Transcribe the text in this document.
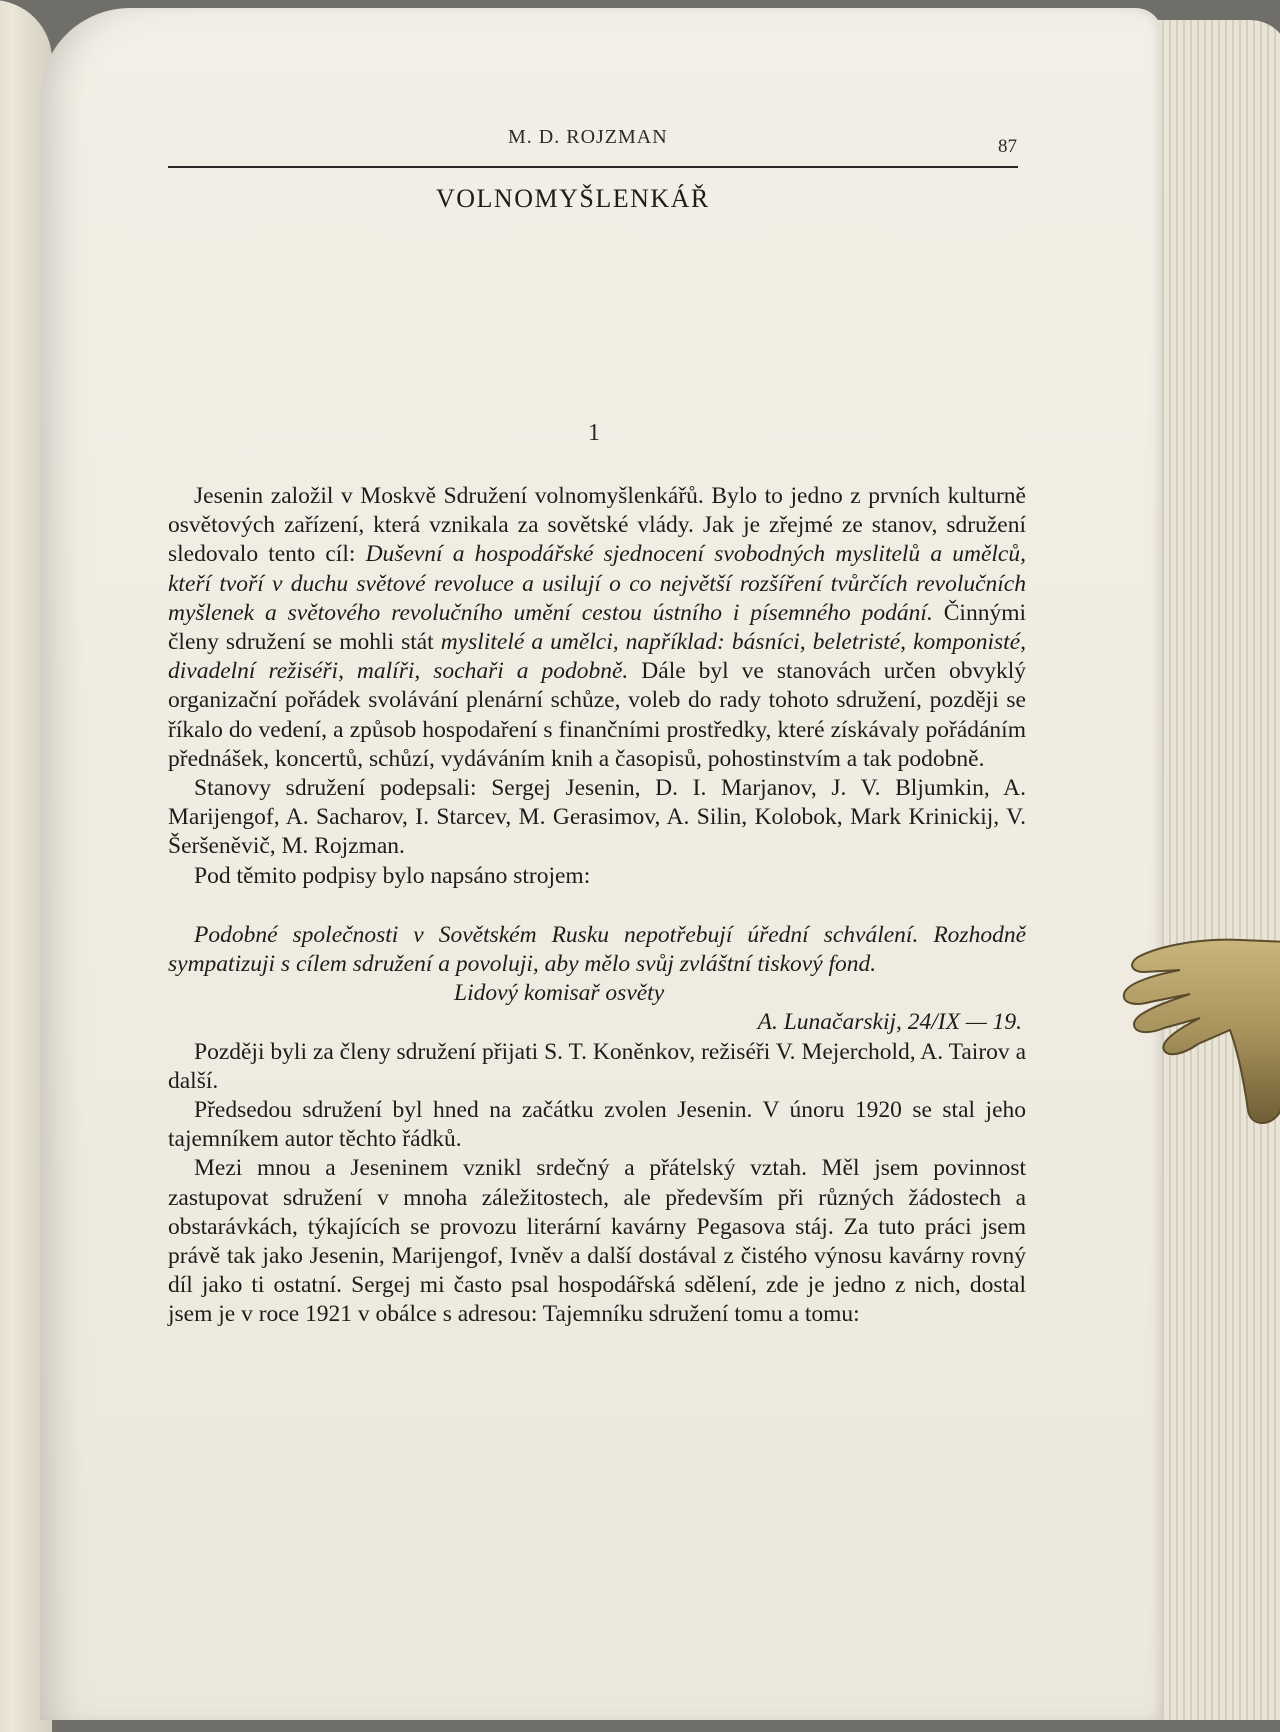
M. D. ROJZMAN	87
VOLNOMYŠLENKÁŘ
1

Jesenin založil v Moskvě Sdružení volnomyšlenkářů. Bylo to jedno z prvních kulturně osvětových zařízení, která vznikala za sovětské vlády. Jak je zřejmé ze stanov, sdružení sledovalo tento cíl: Duševní a hospodářské sjednocení svobodných myslitelů a umělců, kteří tvoří v duchu světové revoluce a usilují o co největší rozšíření tvůrčích revolučních myšlenek a světového revolučního umění cestou ústního i písemného podání. Činnými členy sdružení se mohli stát myslitelé a umělci, například: básníci, beletristé, komponisté, divadelní režiséři, malíři, sochaři a podobně. Dále byl ve stanovách určen obvyklý organizační pořádek svolávání plenární schůze, voleb do rady tohoto sdružení, později se říkalo do vedení, a způsob hospodaření s finančními prostředky, které získávaly pořádáním přednášek, koncertů, schůzí, vydáváním knih a časopisů, pohostinstvím a tak podobně.

Stanovy sdružení podepsali: Sergej Jesenin, D. I. Marjanov, J. V. Bljumkin, A. Marijengof, A. Sacharov, I. Starcev, M. Gerasimov, A. Silin, Kolobok, Mark Krinickij, V. Šeršeněvič, M. Rojzman.

Pod těmito podpisy bylo napsáno strojem:

Podobné společnosti v Sovětském Rusku nepotřebují úřední schválení. Rozhodně sympatizuji s cílem sdružení a povoluji, aby mělo svůj zvláštní tiskový fond.

Lidový komisař osvěty
A. Lunačarskij, 24/IX — 19.

Později byli za členy sdružení přijati S. T. Koněnkov, režiséři V. Mejerchold, A. Tairov a další.

Předsedou sdružení byl hned na začátku zvolen Jesenin. V únoru 1920 se stal jeho tajemníkem autor těchto řádků.

Mezi mnou a Jeseninem vznikl srdečný a přátelský vztah. Měl jsem povinnost zastupovat sdružení v mnoha záležitostech, ale především při různých žádostech a obstarávkách, týkajících se provozu literární kavárny Pegasova stáj. Za tuto práci jsem právě tak jako Jesenin, Marijengof, Ivněv a další dostával z čistého výnosu kavárny rovný díl jako ti ostatní. Sergej mi často psal hospodářská sdělení, zde je jedno z nich, dostal jsem je v roce 1921 v obálce s adresou: Tajemníku sdružení tomu a tomu:
